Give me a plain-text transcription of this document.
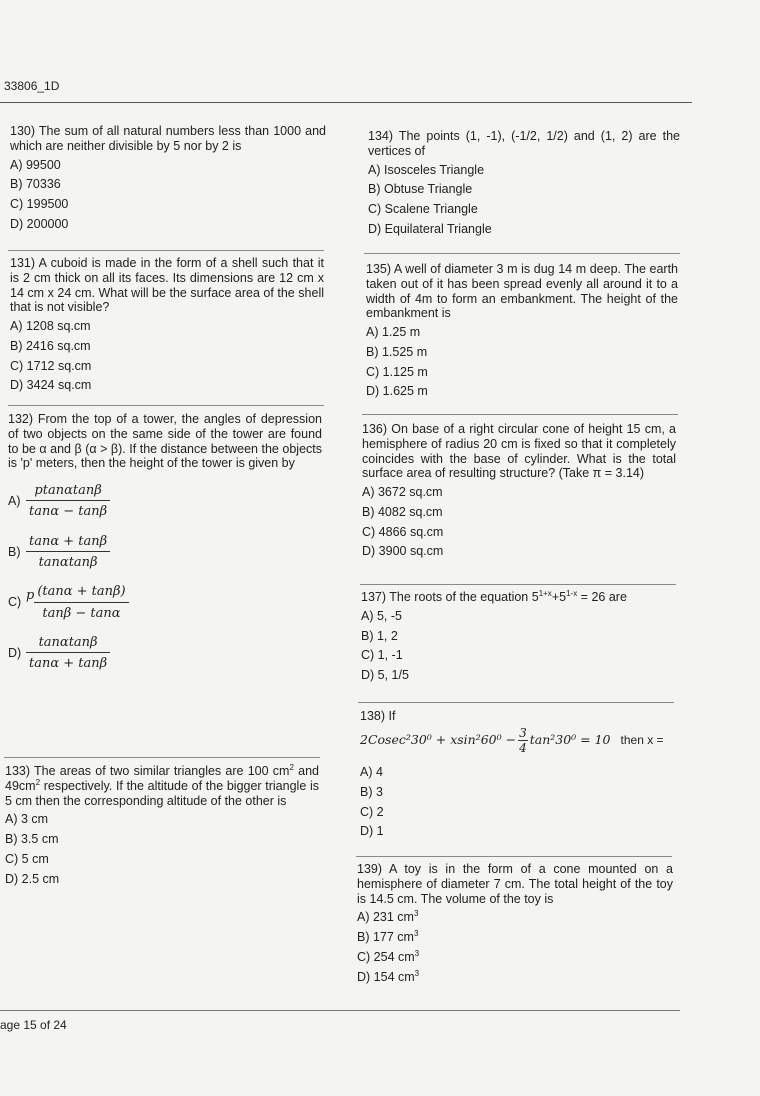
33806_1D

130) The sum of all natural numbers less than 1000 and which are neither divisible by 5 nor by 2 is

A) 99500
B) 70336
C) 199500
D) 200000

131) A cuboid is made in the form of a shell such that it is 2 cm thick on all its faces. Its dimensions are 12 cm x 14 cm x 24 cm. What will be the surface area of the shell that is not visible?

A) 1208 sq.cm
B) 2416 sq.cm
C) 1712 sq.cm
D) 3424 sq.cm

132) From the top of a tower, the angles of depression of two objects on the same side of the tower are found to be α and β (α > β). If the distance between the objects is 'p' meters, then the height of the tower is given by

$A) \frac{ptan\alpha\tan\beta}{\tan\alpha - \tan\beta}$
$B) \frac{\tan\alpha + \tan\beta}{\tan\alpha\tan\beta}$
C) p $\frac{(\tan\alpha + \tan\beta)}{\tan\beta - \tan\alpha}$
$D) \frac{\tan\alpha\tan\beta}{\tan\alpha + \tan\beta}$

133) The areas of two similar triangles are 100 $cm^2$ and $49cm^2$ respectively. If the altitude of the bigger triangle is 5 cm then the corresponding altitude of the other is

A) 3 cm
B) 3.5 cm
C) 5 cm
D) 2.5 cm

134) The points (1, -1), (-1/2, 1/2) and (1, 2) are the vertices of

A) Isosceles Triangle
B) Obtuse Triangle
C) Scalene Triangle
D) Equilateral Triangle

135) A well of diameter 3 m is dug 14 m deep. The earth taken out of it has been spread evenly all around it to a width of 4m to form an embankment. The height of the embankment is

A) 1.25 m
B) 1.525 m
C) 1.125 m
D) 1.625 m

136) On base of a right circular cone of height 15 cm, a hemisphere of radius 20 cm is fixed so that it completely coincides with the base of cylinder. What is the total surface area of resulting structure? (Take π = 3.14)

A) 3672 sq.cm
B) 4082 sq.cm
C) 4866 sq.cm
D) 3900 sq.cm

137) The roots of the equation $5^{1+x}+5^{1-x} = 26$ are

A) 5, -5
B) 1, 2
C) 1, -1
D) 5, 1/5

138) If

$2Cosec^230^0 + xsin^260^0 - \frac{3}{4} \tan^230^0 = 10$ then x =
A) 4
B) 3
C) 2
D) 1

139) A toy is in the form of a cone mounted on a hemisphere of diameter 7 cm. The total height of the toy is 14.5 cm. The volume of the toy is

A) 231 $cm^3$
B) 177 $cm^3$
C) 254 $cm^3$
D) 154 $cm^3$
age 15 of 24
